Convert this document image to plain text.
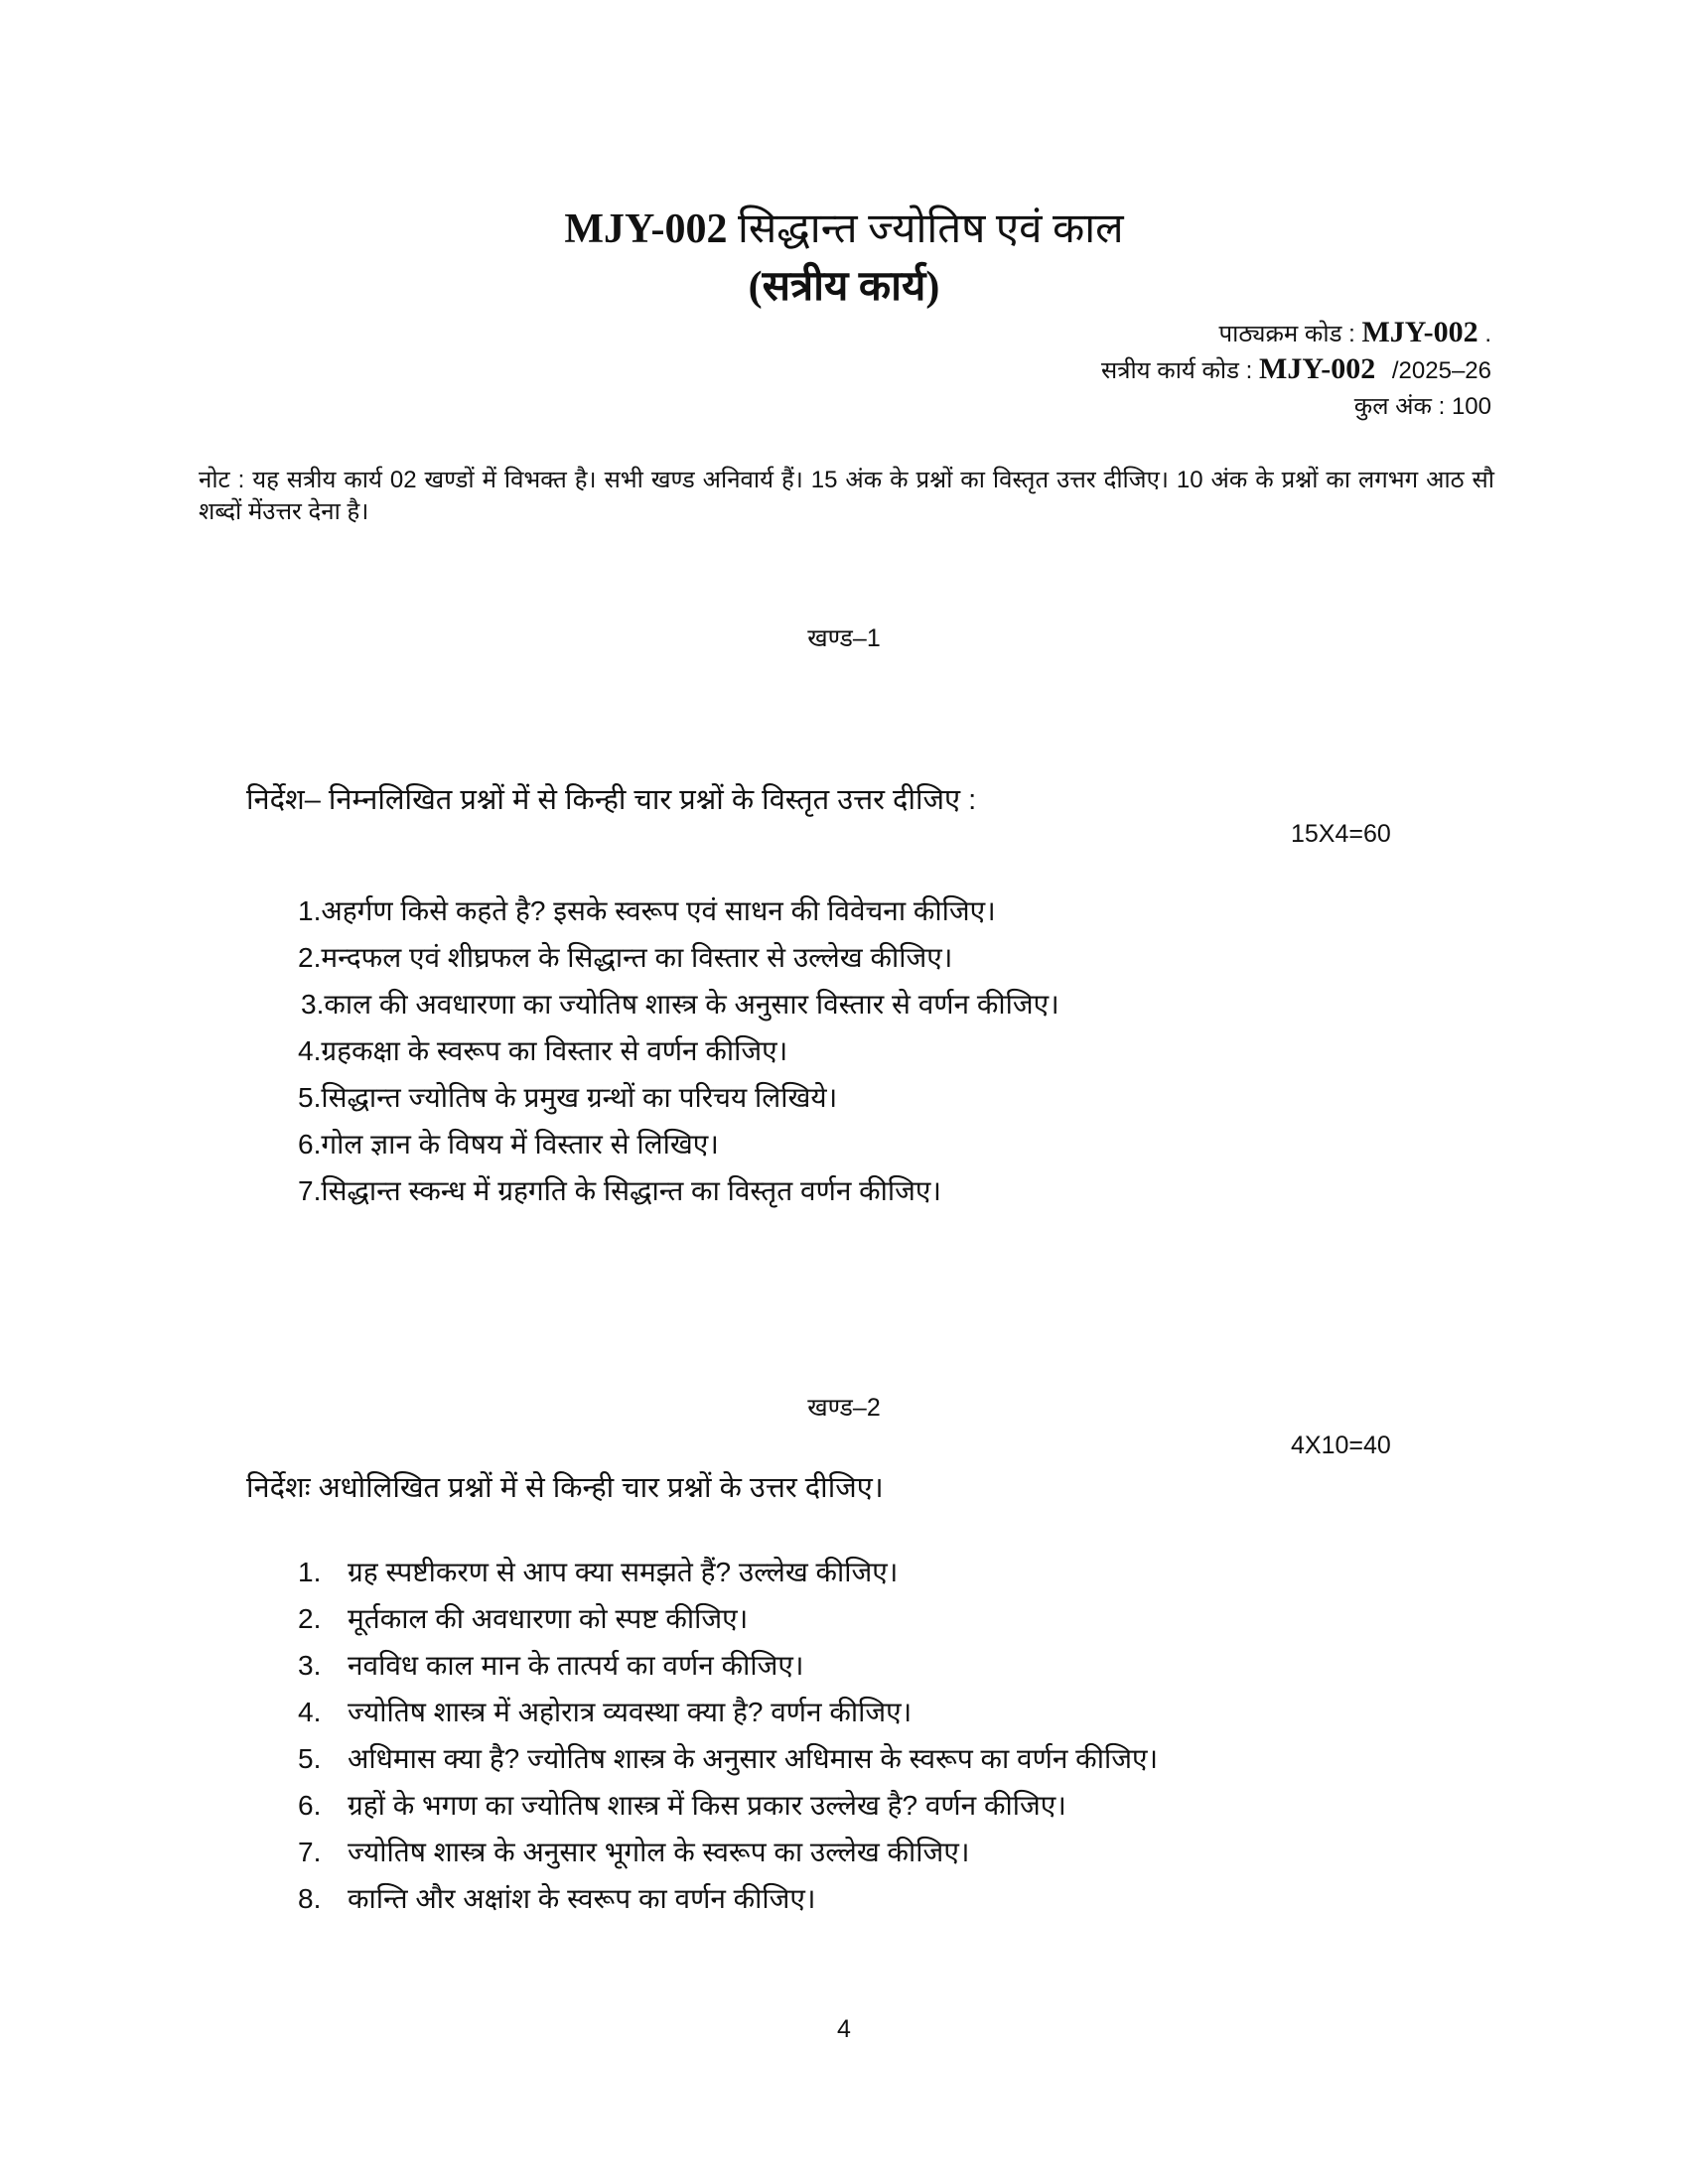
MJY-002 सिद्धान्त ज्योतिष एवं काल
(सत्रीय कार्य)
पाठ्यक्रम कोड : MJY-002 .
सत्रीय कार्य कोड : MJY-002 /2025–26
कुल अंक : 100
नोट : यह सत्रीय कार्य 02 खण्डों में विभक्त है। सभी खण्ड अनिवार्य हैं। 15 अंक के प्रश्नों का विस्तृत उत्तर दीजिए। 10 अंक के प्रश्नों का लगभग आठ सौ शब्दों मेंउत्तर देना है।
खण्ड–1
निर्देश– निम्नलिखित प्रश्नों में से किन्ही चार प्रश्नों के विस्तृत उत्तर दीजिए :
15X4=60
1.अहर्गण किसे कहते है? इसके स्वरूप एवं साधन की विवेचना कीजिए।
2.मन्दफल एवं शीघ्रफल के सिद्धान्त का विस्तार से उल्लेख कीजिए।
3.काल की अवधारणा का ज्योतिष शास्त्र के अनुसार विस्तार से वर्णन कीजिए।
4.ग्रहकक्षा के स्वरूप का विस्तार से वर्णन कीजिए।
5.सिद्धान्त ज्योतिष के प्रमुख ग्रन्थों का परिचय लिखिये।
6.गोल ज्ञान के विषय में विस्तार से लिखिए।
7.सिद्धान्त स्कन्ध में ग्रहगति के सिद्धान्त का विस्तृत वर्णन कीजिए।
खण्ड–2
4X10=40
निर्देशः अधोलिखित प्रश्नों में से किन्ही चार प्रश्नों के उत्तर दीजिए।
1. ग्रह स्पष्टीकरण से आप क्या समझते हैं? उल्लेख कीजिए।
2. मूर्तकाल की अवधारणा को स्पष्ट कीजिए।
3. नवविध काल मान के तात्पर्य का वर्णन कीजिए।
4. ज्योतिष शास्त्र में अहोरात्र व्यवस्था क्या है? वर्णन कीजिए।
5. अधिमास क्या है? ज्योतिष शास्त्र के अनुसार अधिमास के स्वरूप का वर्णन कीजिए।
6. ग्रहों के भगण का ज्योतिष शास्त्र में किस प्रकार उल्लेख है? वर्णन कीजिए।
7. ज्योतिष शास्त्र के अनुसार भूगोल के स्वरूप का उल्लेख कीजिए।
8. कान्ति और अक्षांश के स्वरूप का वर्णन कीजिए।
4
